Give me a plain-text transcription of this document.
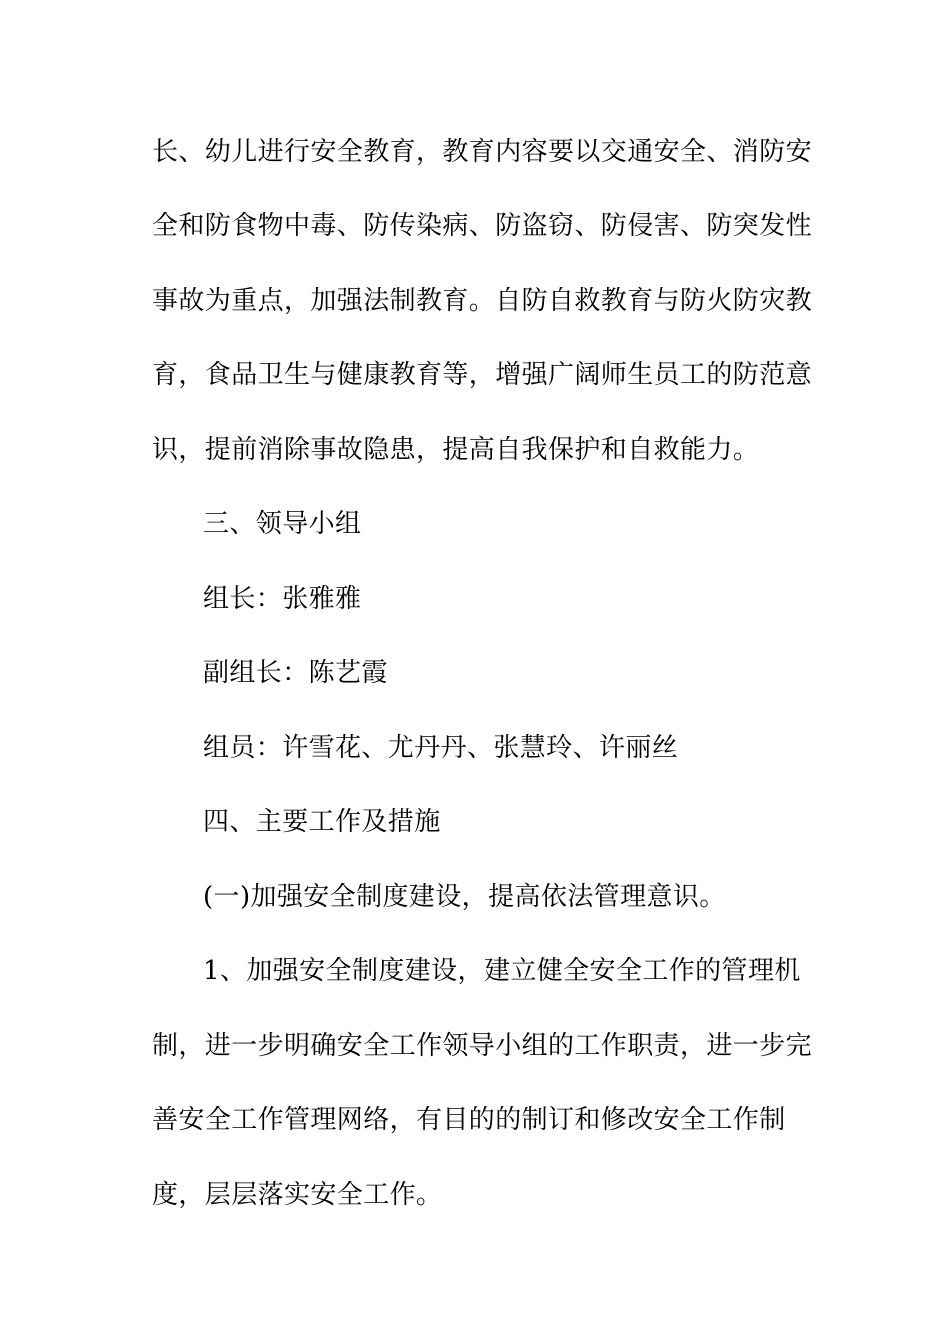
长、幼儿进行安全教育，教育内容要以交通安全、消防安
全和防食物中毒、防传染病、防盗窃、防侵害、防突发性
事故为重点，加强法制教育。自防自救教育与防火防灾教
育，食品卫生与健康教育等，增强广阔师生员工的防范意
识，提前消除事故隐患，提高自我保护和自救能力。
三、领导小组
组长：张雅雅
副组长：陈艺霞
组员：许雪花、尤丹丹、张慧玲、许丽丝
四、主要工作及措施
(一)加强安全制度建设，提高依法管理意识。
1、加强安全制度建设，建立健全安全工作的管理机
制，进一步明确安全工作领导小组的工作职责，进一步完
善安全工作管理网络，有目的的制订和修改安全工作制
度，层层落实安全工作。
